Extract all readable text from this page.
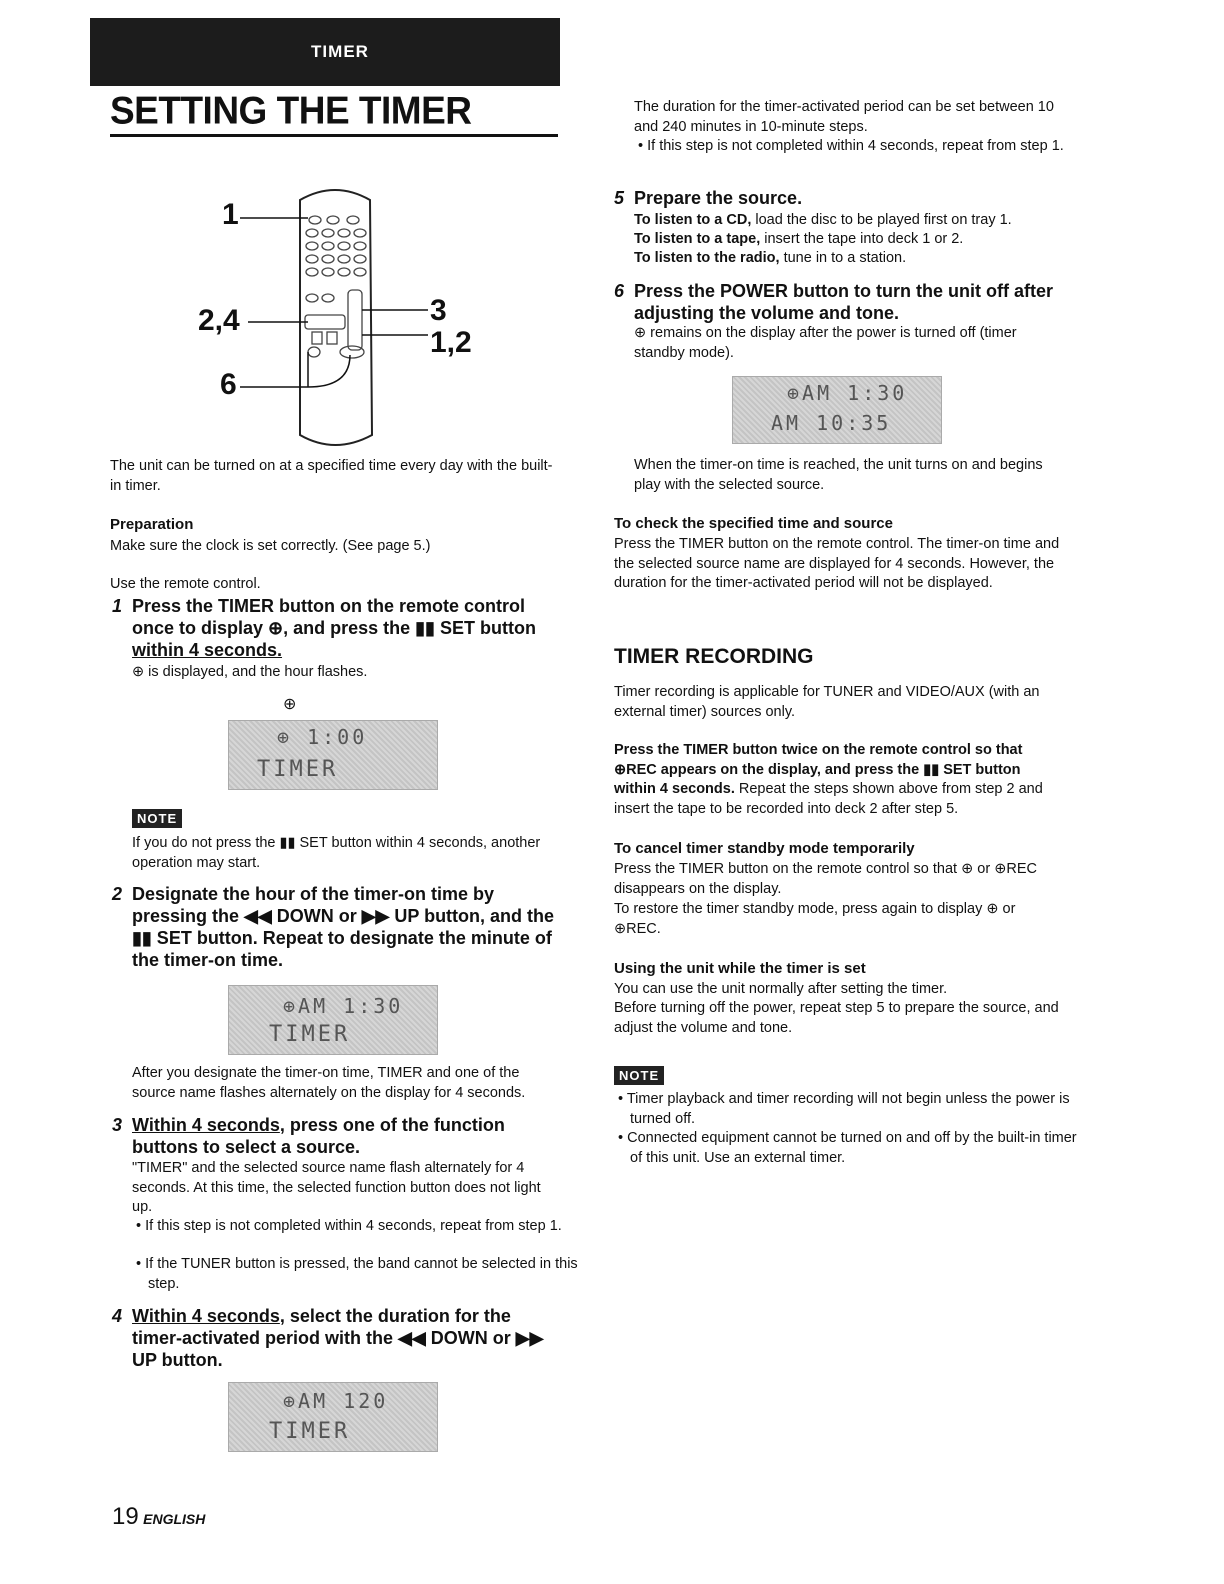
TIMER
SETTING THE TIMER
1
2,4
6
3
1,2

The unit can be turned on at a specified time every day with the built-in timer.

Preparation

Make sure the clock is set correctly. (See page 5.)

Use the remote control.

1 Press the TIMER button on the remote control once to display ⊕, and press the ▮▮ SET button within 4 seconds.

⊕ is displayed, and the hour flashes.

⊕
⊕ 1:00
TIMER
NOTE

If you do not press the ▮▮ SET button within 4 seconds, another operation may start.

2 Designate the hour of the timer-on time by pressing the ◀◀ DOWN or ▶▶ UP button, and the ▮▮ SET button. Repeat to designate the minute of the timer-on time.
⊕AM 1:30
TIMER

After you designate the timer-on time, TIMER and one of the source name flashes alternately on the display for 4 seconds.

3 Within 4 seconds, press one of the function buttons to select a source.

"TIMER" and the selected source name flash alternately for 4 seconds. At this time, the selected function button does not light up.

• If this step is not completed within 4 seconds, repeat from step 1.

• If the TUNER button is pressed, the band cannot be selected in this step.

4 Within 4 seconds, select the duration for the timer-activated period with the ◀◀ DOWN or ▶▶ UP button.
⊕AM 120
TIMER
19 ENGLISH

The duration for the timer-activated period can be set between 10 and 240 minutes in 10-minute steps.

• If this step is not completed within 4 seconds, repeat from step 1.

5 Prepare the source.

To listen to a CD, load the disc to be played first on tray 1.

To listen to a tape, insert the tape into deck 1 or 2.

To listen to the radio, tune in to a station.

6 Press the POWER button to turn the unit off after adjusting the volume and tone.

⊕ remains on the display after the power is turned off (timer standby mode).

⊕AM 1:30
AM 10:35

When the timer-on time is reached, the unit turns on and begins play with the selected source.

To check the specified time and source

Press the TIMER button on the remote control. The timer-on time and the selected source name are displayed for 4 seconds. However, the duration for the timer-activated period will not be displayed.

TIMER RECORDING

Timer recording is applicable for TUNER and VIDEO/AUX (with an external timer) sources only.

Press the TIMER button twice on the remote control so that ⊕REC appears on the display, and press the ▮▮ SET button within 4 seconds. Repeat the steps shown above from step 2 and insert the tape to be recorded into deck 2 after step 5.

To cancel timer standby mode temporarily

Press the TIMER button on the remote control so that ⊕ or ⊕REC disappears on the display.

To restore the timer standby mode, press again to display ⊕ or ⊕REC.

Using the unit while the timer is set

You can use the unit normally after setting the timer.

Before turning off the power, repeat step 5 to prepare the source, and adjust the volume and tone.

NOTE

• Timer playback and timer recording will not begin unless the power is turned off.

• Connected equipment cannot be turned on and off by the built-in timer of this unit. Use an external timer.
